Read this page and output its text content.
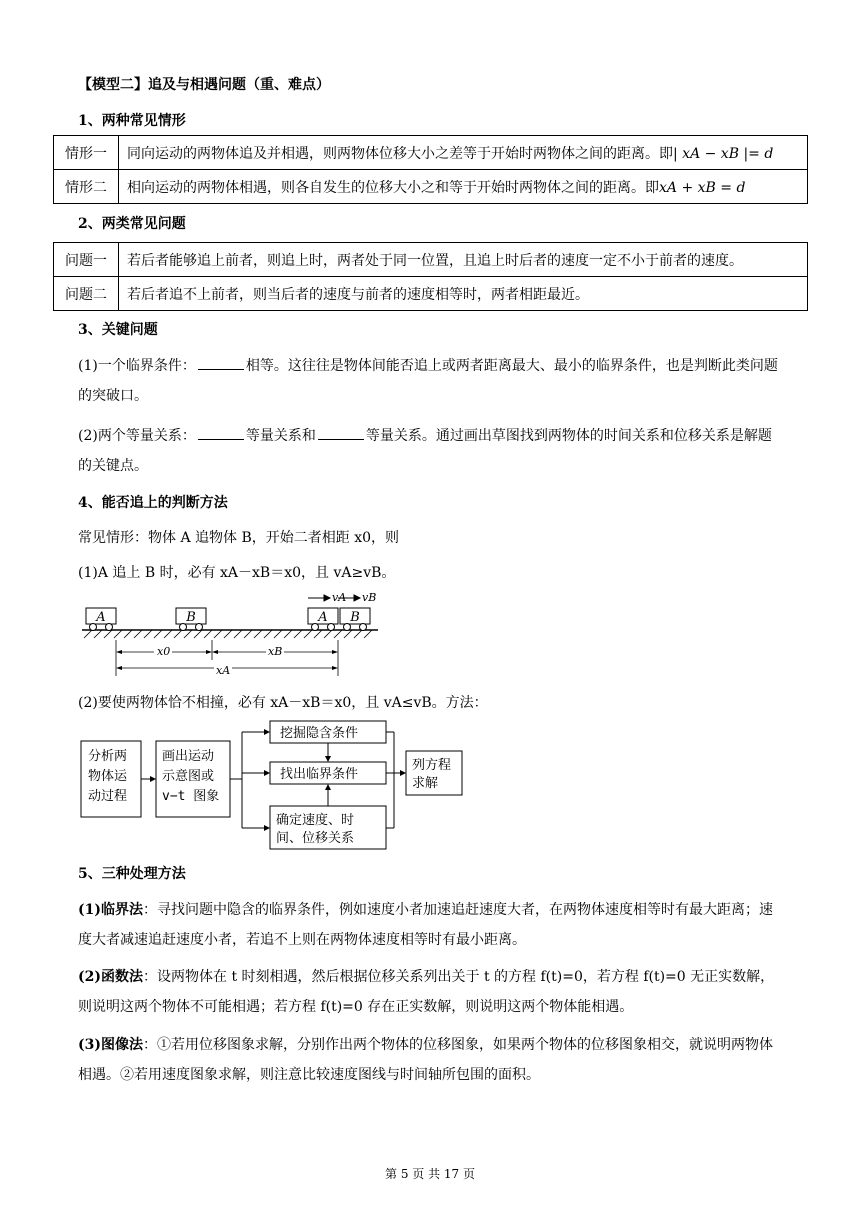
【模型二】追及与相遇问题（重、难点）
1、两种常见情形
情形一	同向运动的两物体追及并相遇，则两物体位移大小之差等于开始时两物体之间的距离。即| xA − xB |= d
情形二	相向运动的两物体相遇，则各自发生的位移大小之和等于开始时两物体之间的距离。即xA + xB = d
2、两类常见问题
问题一	若后者能够追上前者，则追上时，两者处于同一位置，且追上时后者的速度一定不小于前者的速度。
问题二	若后者追不上前者，则当后者的速度与前者的速度相等时，两者相距最近。
3、关键问题
(1)一个临界条件：	相等。这往往是物体间能否追上或两者距离最大、最小的临界条件，也是判断此类问题的突破口。
(2)两个等量关系：	等量关系和	等量关系。通过画出草图找到两物体的时间关系和位移关系是解题的关键点。
4、能否追上的判断方法
常见情形：物体 A 追物体 B，开始二者相距 x0，则
(1)A 追上 B 时，必有 xA－xB＝x0，且 vA≥vB。
A	B	A B
vA vB
x0	xB
xA
(2)要使两物体恰不相撞，必有 xA－xB＝x0，且 vA≤vB。方法：
分析两
物体运
动过程
画出运动
示意图或
v−t 图象
挖掘隐含条件
找出临界条件
确定速度、时
间、位移关系
列方程
求解
5、三种处理方法
(1)临界法：寻找问题中隐含的临界条件，例如速度小者加速追赶速度大者，在两物体速度相等时有最大距离；速度大者减速追赶速度小者，若追不上则在两物体速度相等时有最小距离。
(2)函数法：设两物体在 t 时刻相遇，然后根据位移关系列出关于 t 的方程 f(t)=0，若方程 f(t)=0 无正实数解，则说明这两个物体不可能相遇；若方程 f(t)=0 存在正实数解，则说明这两个物体能相遇。
(3)图像法：①若用位移图象求解，分别作出两个物体的位移图象，如果两个物体的位移图象相交，就说明两物体相遇。②若用速度图象求解，则注意比较速度图线与时间轴所包围的面积。
第 5 页 共 17 页
